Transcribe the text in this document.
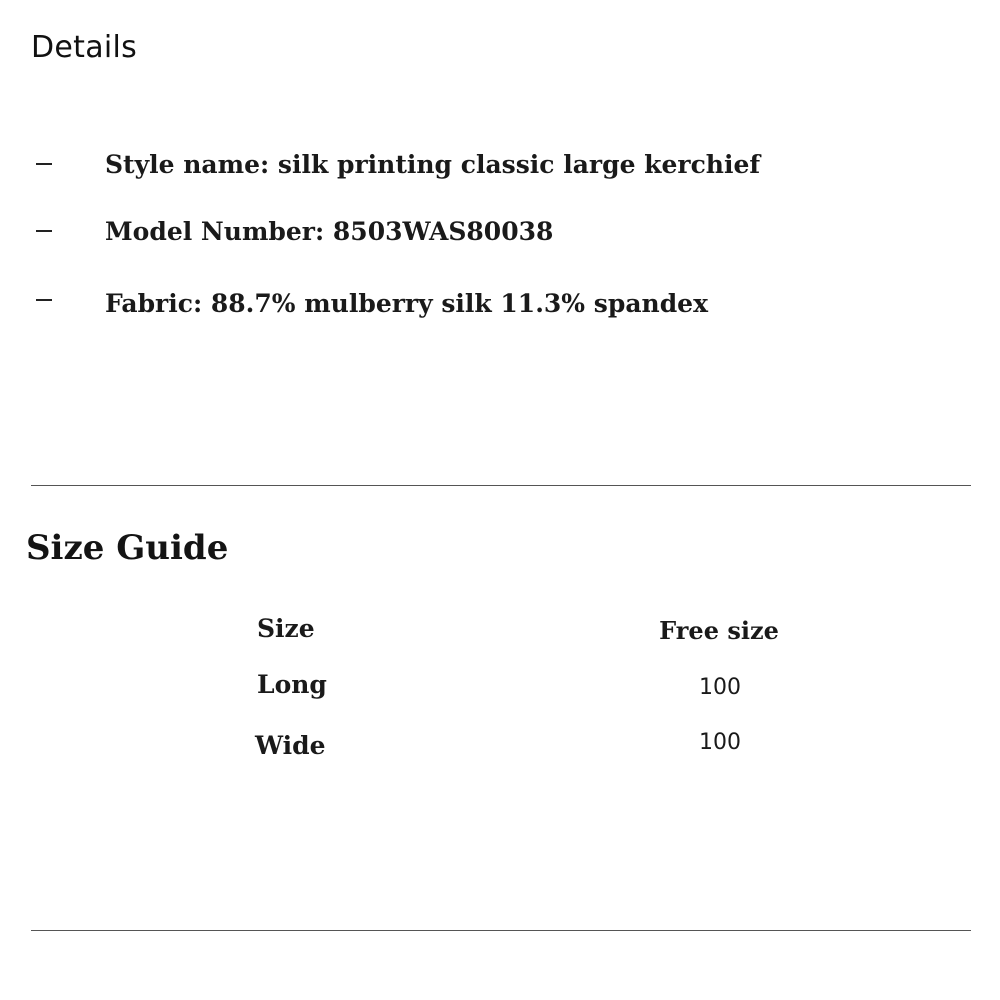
Details
Style name: silk printing classic large kerchief
Model Number: 8503WAS80038
Fabric: 88.7% mulberry silk 11.3% spandex
Size Guide
Size	Free size
Long	100
Wide	100
